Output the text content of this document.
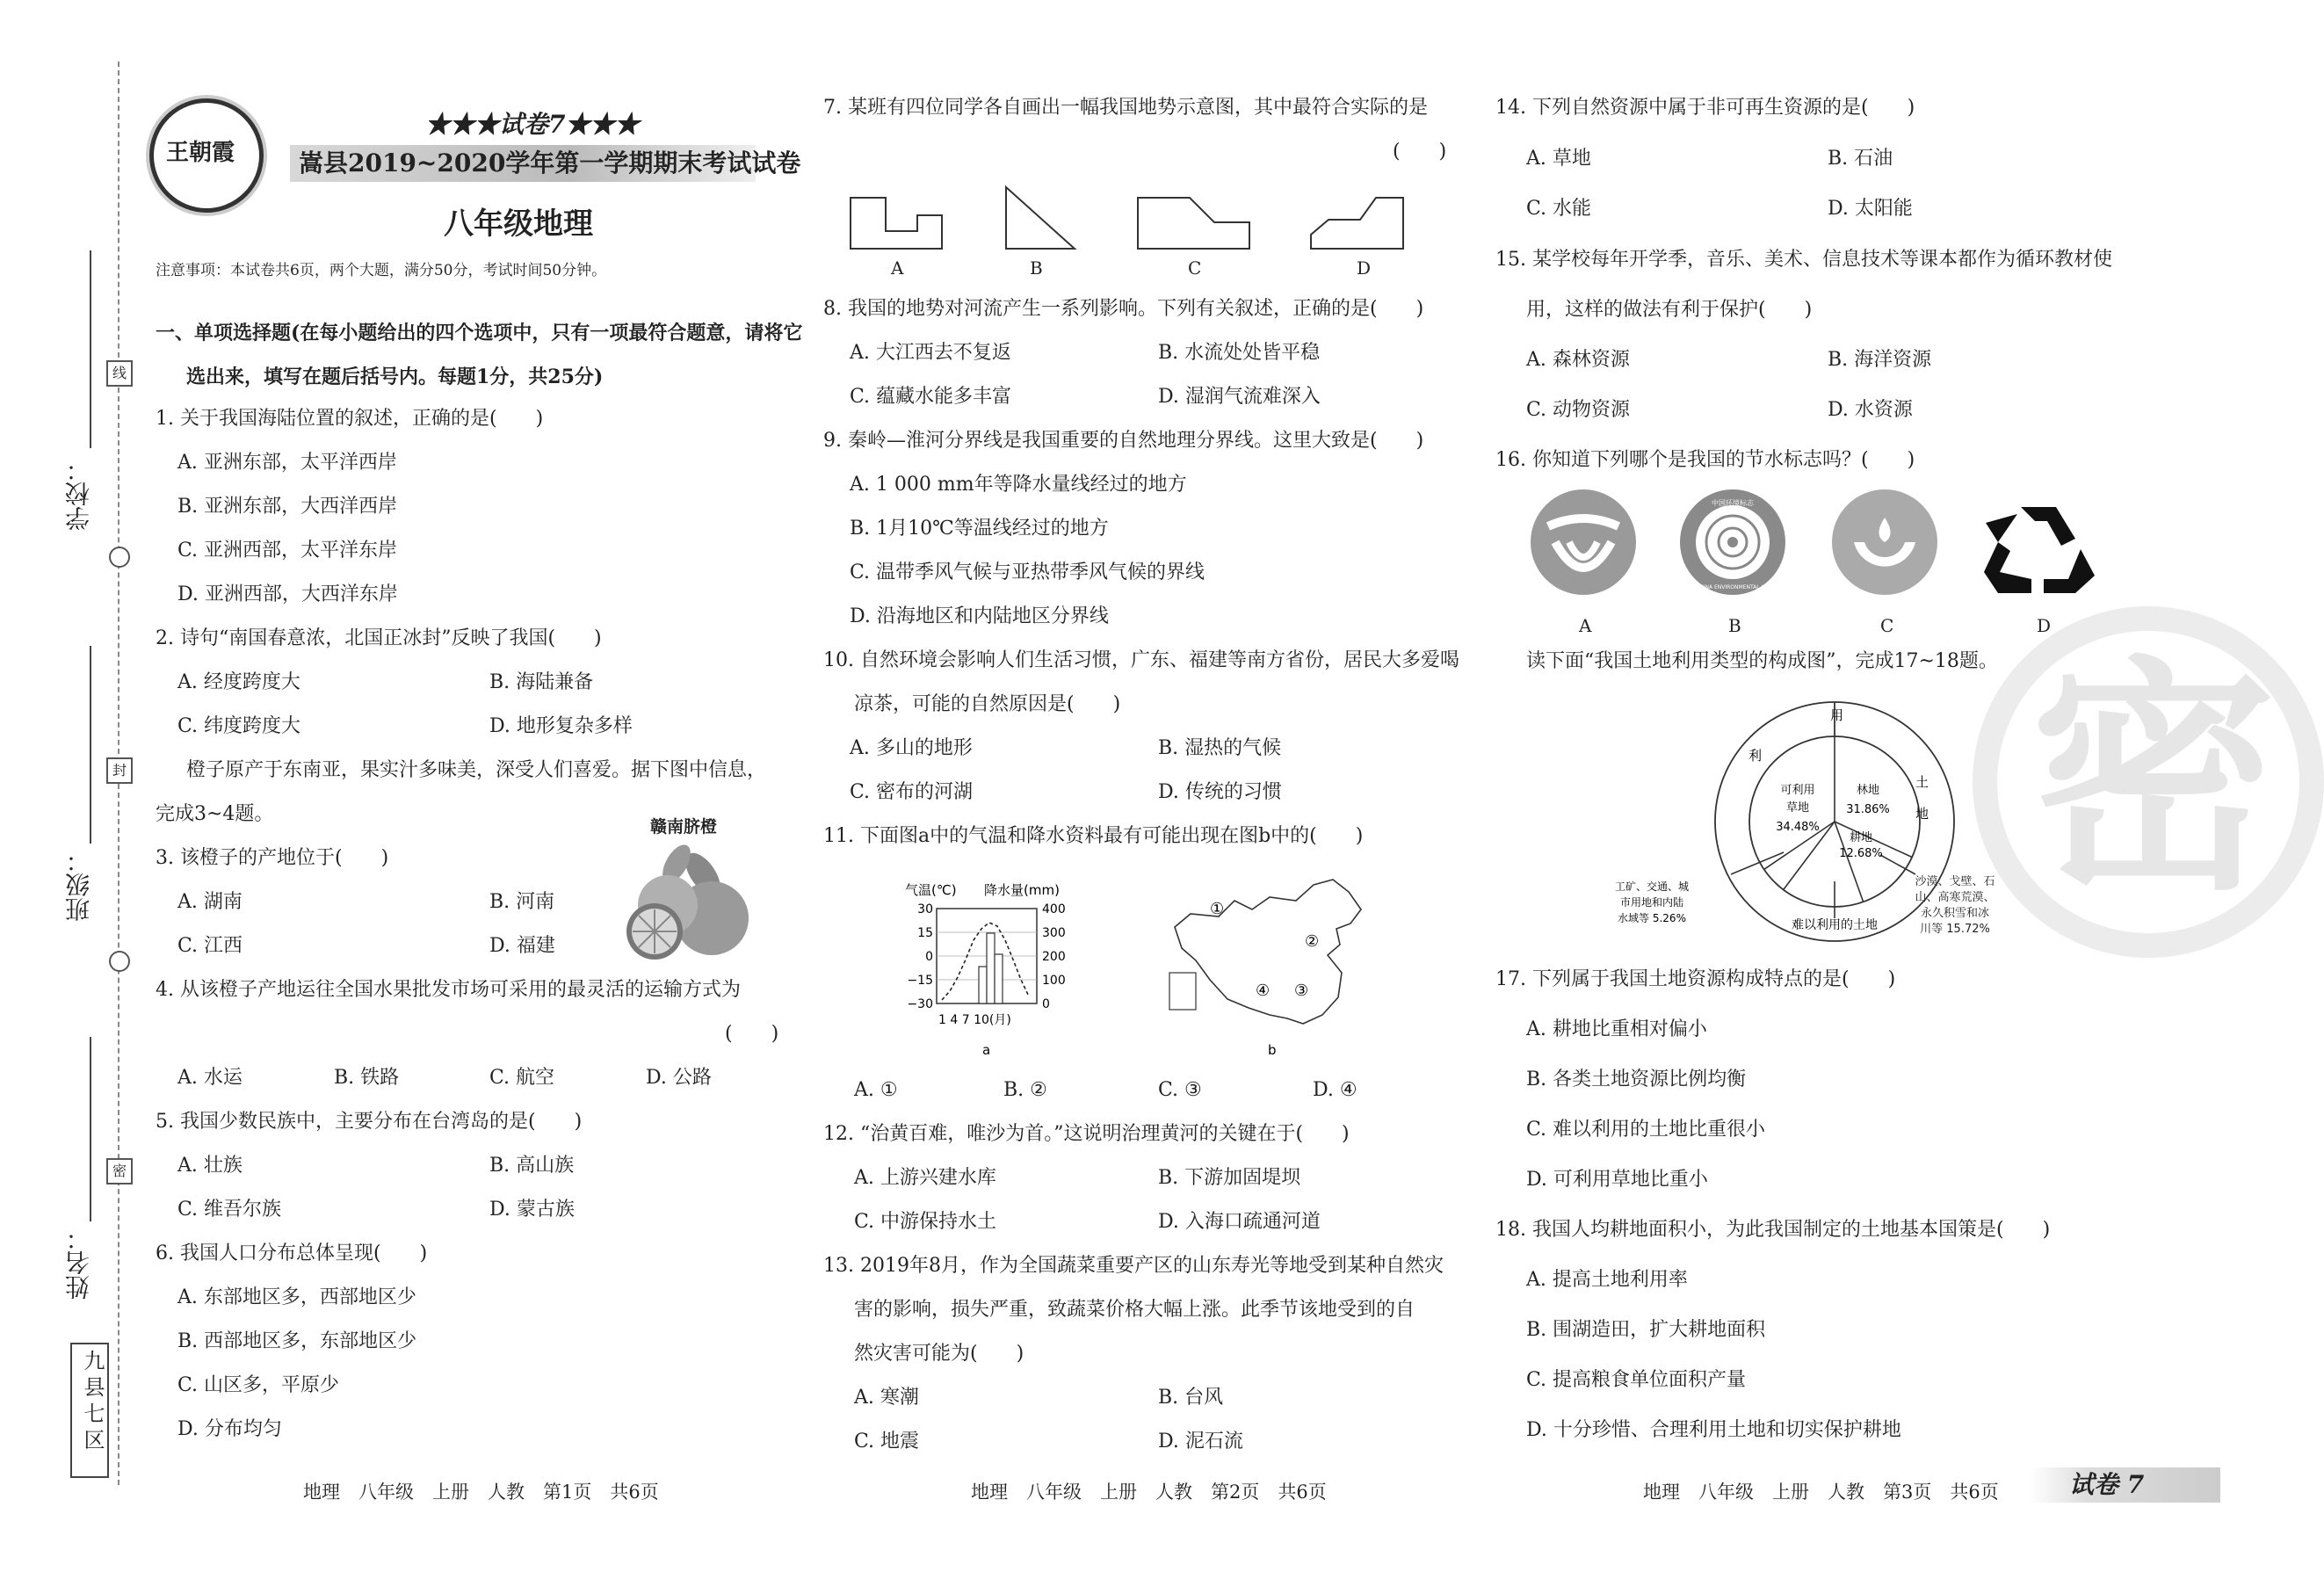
学校：
班级：
姓名：
线
封
密
九县七区
王朝霞
★★★试卷7★★★
嵩县2019~2020学年第一学期期末考试试卷
八年级地理
注意事项：本试卷共6页，两个大题，满分50分，考试时间50分钟。
一、单项选择题(在每小题给出的四个选项中，只有一项最符合题意，请将它
选出来，填写在题后括号内。每题1分，共25分)
1. 关于我国海陆位置的叙述，正确的是(　　)
A. 亚洲东部，太平洋西岸
B. 亚洲东部，大西洋西岸
C. 亚洲西部，太平洋东岸
D. 亚洲西部，大西洋东岸
2. 诗句“南国春意浓，北国正冰封”反映了我国(　　)
A. 经度跨度大	B. 海陆兼备
C. 纬度跨度大	D. 地形复杂多样
橙子原产于东南亚，果实汁多味美，深受人们喜爱。据下图中信息，
完成3~4题。
赣南脐橙
3. 该橙子的产地位于(　　)
A. 湖南	B. 河南
C. 江西	D. 福建
4. 从该橙子产地运往全国水果批发市场可采用的最灵活的运输方式为
(　　)
A. 水运	B. 铁路	C. 航空	D. 公路
5. 我国少数民族中，主要分布在台湾岛的是(　　)
A. 壮族	B. 高山族
C. 维吾尔族	D. 蒙古族
6. 我国人口分布总体呈现(　　)
A. 东部地区多，西部地区少
B. 西部地区多，东部地区少
C. 山区多，平原少
D. 分布均匀
7. 某班有四位同学各自画出一幅我国地势示意图，其中最符合实际的是
(　　)
A	B	C	D
8. 我国的地势对河流产生一系列影响。下列有关叙述，正确的是(　　)
A. 大江西去不复返	B. 水流处处皆平稳
C. 蕴藏水能多丰富	D. 湿润气流难深入
9. 秦岭—淮河分界线是我国重要的自然地理分界线。这里大致是(　　)
A. 1 000 mm年等降水量线经过的地方
B. 1月10℃等温线经过的地方
C. 温带季风气候与亚热带季风气候的界线
D. 沿海地区和内陆地区分界线
10. 自然环境会影响人们生活习惯，广东、福建等南方省份，居民大多爱喝
凉茶，可能的自然原因是(　　)
A. 多山的地形	B. 湿热的气候
C. 密布的河湖	D. 传统的习惯
11. 下面图a中的气温和降水资料最有可能出现在图b中的(　　)
气温(℃) 降水量(mm)
30
15
0
−15
−30
400
300
200
100
0
1 4 7 10(月)
a
①
②
③
④
b
A. ①	B. ②	C. ③	D. ④
12. “治黄百难，唯沙为首。”这说明治理黄河的关键在于(　　)
A. 上游兴建水库	B. 下游加固堤坝
C. 中游保持水土	D. 入海口疏通河道
13. 2019年8月，作为全国蔬菜重要产区的山东寿光等地受到某种自然灾
害的影响，损失严重，致蔬菜价格大幅上涨。此季节该地受到的自
然灾害可能为(　　)
A. 寒潮	B. 台风
C. 地震	D. 泥石流
密
14. 下列自然资源中属于非可再生资源的是(　　)
A. 草地	B. 石油
C. 水能	D. 太阳能
15. 某学校每年开学季，音乐、美术、信息技术等课本都作为循环教材使
用，这样的做法有利于保护(　　)
A. 森林资源	B. 海洋资源
C. 动物资源	D. 水资源
16. 你知道下列哪个是我国的节水标志吗？(　　)
中国环境标志
CHINA ENVIRONMENTAL LABELLING
A	B	C	D
读下面“我国土地利用类型的构成图”，完成17~18题。
用
土
地
利
可利用
草地
34.48%
林地
31.86%
耕地
12.68%
工矿、交通、城
市用地和内陆
水域等 5.26%	难以利用的土地
沙漠、戈壁、石
山、高寒荒漠、
永久积雪和冰
川等 15.72%
17. 下列属于我国土地资源构成特点的是(　　)
A. 耕地比重相对偏小
B. 各类土地资源比例均衡
C. 难以利用的土地比重很小
D. 可利用草地比重小
18. 我国人均耕地面积小，为此我国制定的土地基本国策是(　　)
A. 提高土地利用率
B. 围湖造田，扩大耕地面积
C. 提高粮食单位面积产量
D. 十分珍惜、合理利用土地和切实保护耕地
地理　八年级　上册　人教　第1页　共6页	地理　八年级　上册　人教　第2页　共6页	地理　八年级　上册　人教　第3页　共6页	试卷 7
